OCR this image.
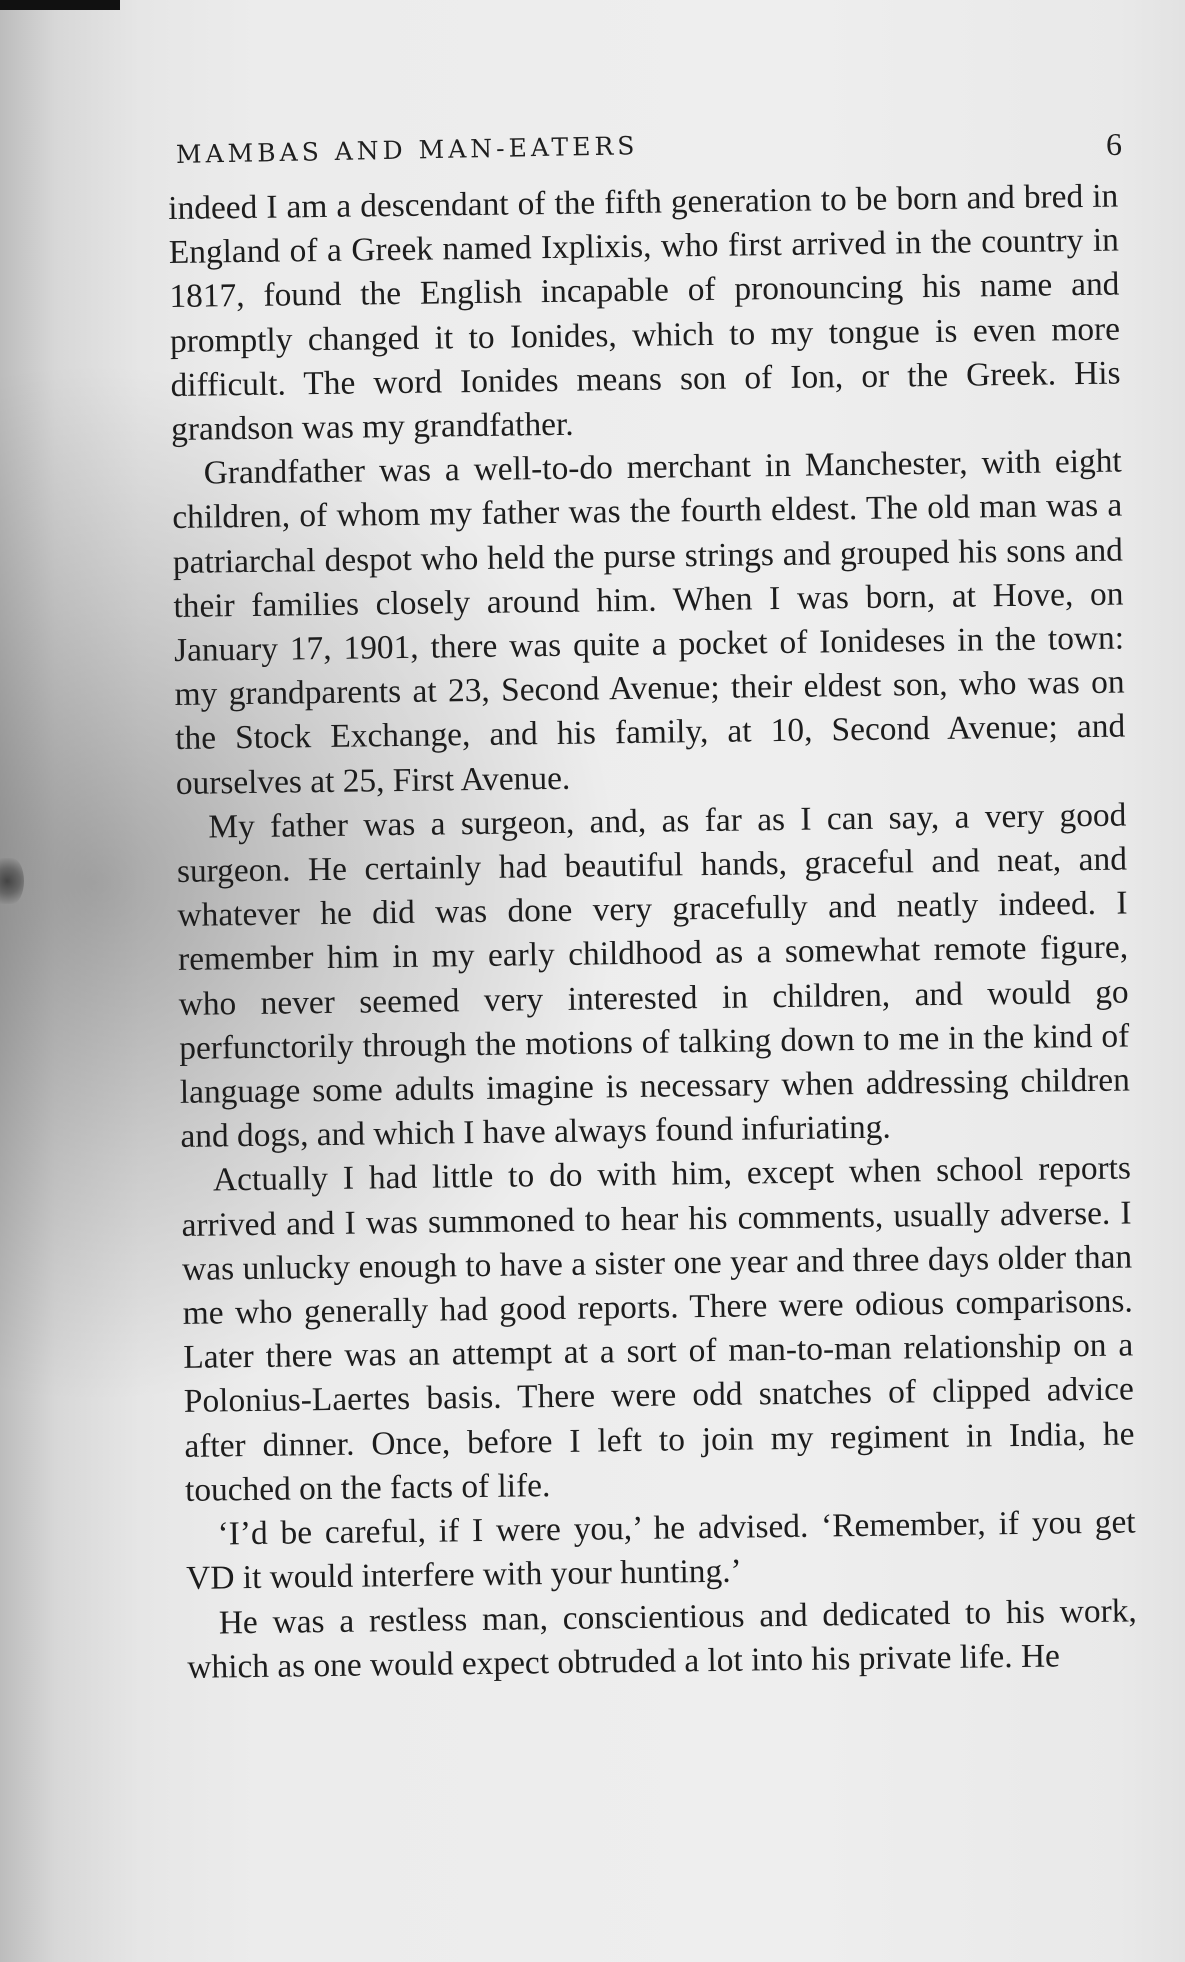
MAMBAS AND MAN-EATERS	6

indeed I am a descendant of the fifth generation to be born and bred in England of a Greek named Ixplixis, who first arrived in the country in 1817, found the English incapable of pronouncing his name and promptly changed it to Ionides, which to my tongue is even more difficult. The word Ionides means son of Ion, or the Greek. His grandson was my grandfather.

Grandfather was a well-to-do merchant in Manchester, with eight children, of whom my father was the fourth eldest. The old man was a patriarchal despot who held the purse strings and grouped his sons and their families closely around him. When I was born, at Hove, on January 17, 1901, there was quite a pocket of Ionideses in the town: my grandparents at 23, Second Avenue; their eldest son, who was on the Stock Exchange, and his family, at 10, Second Avenue; and ourselves at 25, First Avenue.

My father was a surgeon, and, as far as I can say, a very good surgeon. He certainly had beautiful hands, graceful and neat, and whatever he did was done very gracefully and neatly indeed. I remember him in my early childhood as a somewhat remote figure, who never seemed very interested in children, and would go perfunctorily through the motions of talking down to me in the kind of language some adults imagine is necessary when addressing children and dogs, and which I have always found infuriating.

Actually I had little to do with him, except when school reports arrived and I was summoned to hear his comments, usually adverse. I was unlucky enough to have a sister one year and three days older than me who generally had good reports. There were odious comparisons. Later there was an attempt at a sort of man-to-man relationship on a Polonius-Laertes basis. There were odd snatches of clipped advice after dinner. Once, before I left to join my regiment in India, he touched on the facts of life.

‘I’d be careful, if I were you,’ he advised. ‘Remember, if you get VD it would interfere with your hunting.’

He was a restless man, conscientious and dedicated to his work, which as one would expect obtruded a lot into his private life. He
